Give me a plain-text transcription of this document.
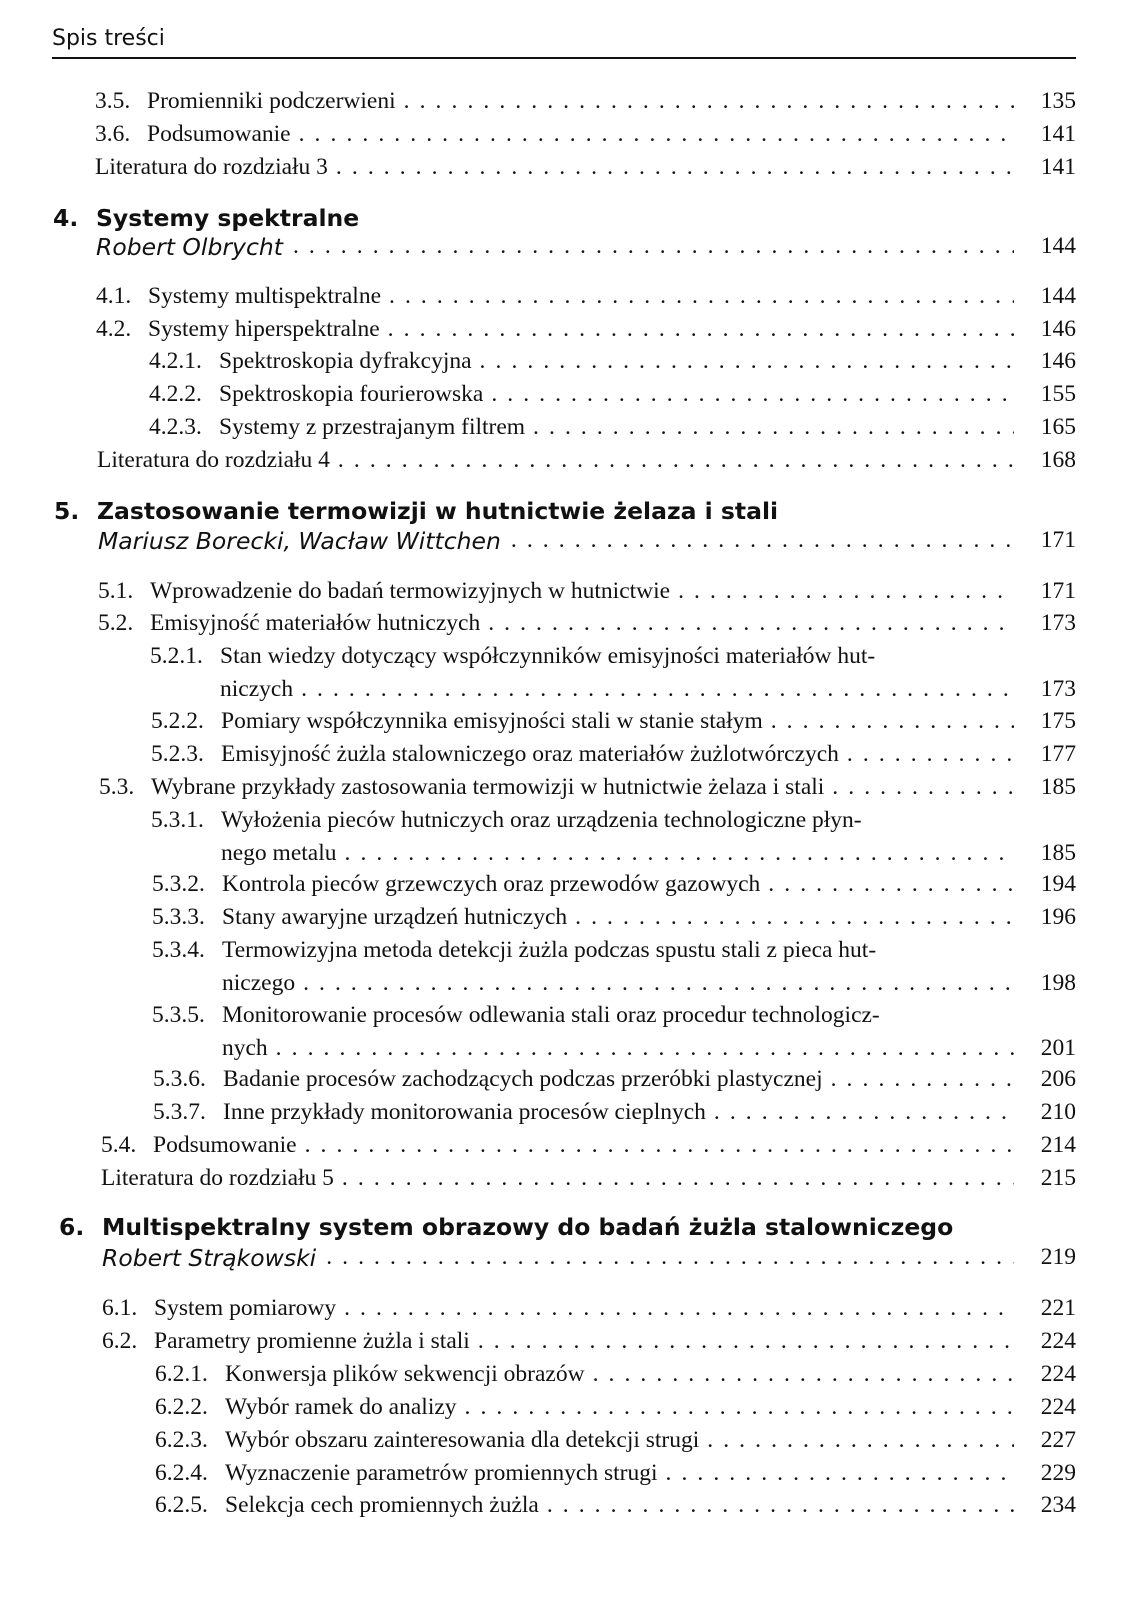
Spis treści
3.5. Promienniki podczerwieni . . .	135
3.6. Podsumowanie . . .	141
Literatura do rozdziału 3 . . .	141
4. Systemy spektralne
Robert Olbrycht . . .	144
4.1. Systemy multispektralne . . .	144
4.2. Systemy hiperspektralne . . .	146
4.2.1. Spektroskopia dyfrakcyjna . . .	146
4.2.2. Spektroskopia fourierowska . . .	155
4.2.3. Systemy z przestrajanym filtrem . . .	165
Literatura do rozdziału 4 . . .	168
5. Zastosowanie termowizji w hutnictwie żelaza i stali
Mariusz Borecki, Wacław Wittchen . . .	171
5.1. Wprowadzenie do badań termowizyjnych w hutnictwie . . .	171
5.2. Emisyjność materiałów hutniczych . . .	173
5.2.1. Stan wiedzy dotyczący współczynników emisyjności materiałów hut-
niczych . . .	173
5.2.2. Pomiary współczynnika emisyjności stali w stanie stałym . . .	175
5.2.3. Emisyjność żużla stalowniczego oraz materiałów żużlotwórczych . . .	177
5.3. Wybrane przykłady zastosowania termowizji w hutnictwie żelaza i stali . . .	185
5.3.1. Wyłożenia pieców hutniczych oraz urządzenia technologiczne płyn-
nego metalu . . .	185
5.3.2. Kontrola pieców grzewczych oraz przewodów gazowych . . .	194
5.3.3. Stany awaryjne urządzeń hutniczych . . .	196
5.3.4. Termowizyjna metoda detekcji żużla podczas spustu stali z pieca hut-
niczego . . .	198
5.3.5. Monitorowanie procesów odlewania stali oraz procedur technologicz-
nych . . .	201
5.3.6. Badanie procesów zachodzących podczas przeróbki plastycznej . . .	206
5.3.7. Inne przykłady monitorowania procesów cieplnych . . .	210
5.4. Podsumowanie . . .	214
Literatura do rozdziału 5 . . .	215
6. Multispektralny system obrazowy do badań żużla stalowniczego
Robert Strąkowski . . .	219
6.1. System pomiarowy . . .	221
6.2. Parametry promienne żużla i stali . . .	224
6.2.1. Konwersja plików sekwencji obrazów . . .	224
6.2.2. Wybór ramek do analizy . . .	224
6.2.3. Wybór obszaru zainteresowania dla detekcji strugi . . .	227
6.2.4. Wyznaczenie parametrów promiennych strugi . . .	229
6.2.5. Selekcja cech promiennych żużla . . .	234
